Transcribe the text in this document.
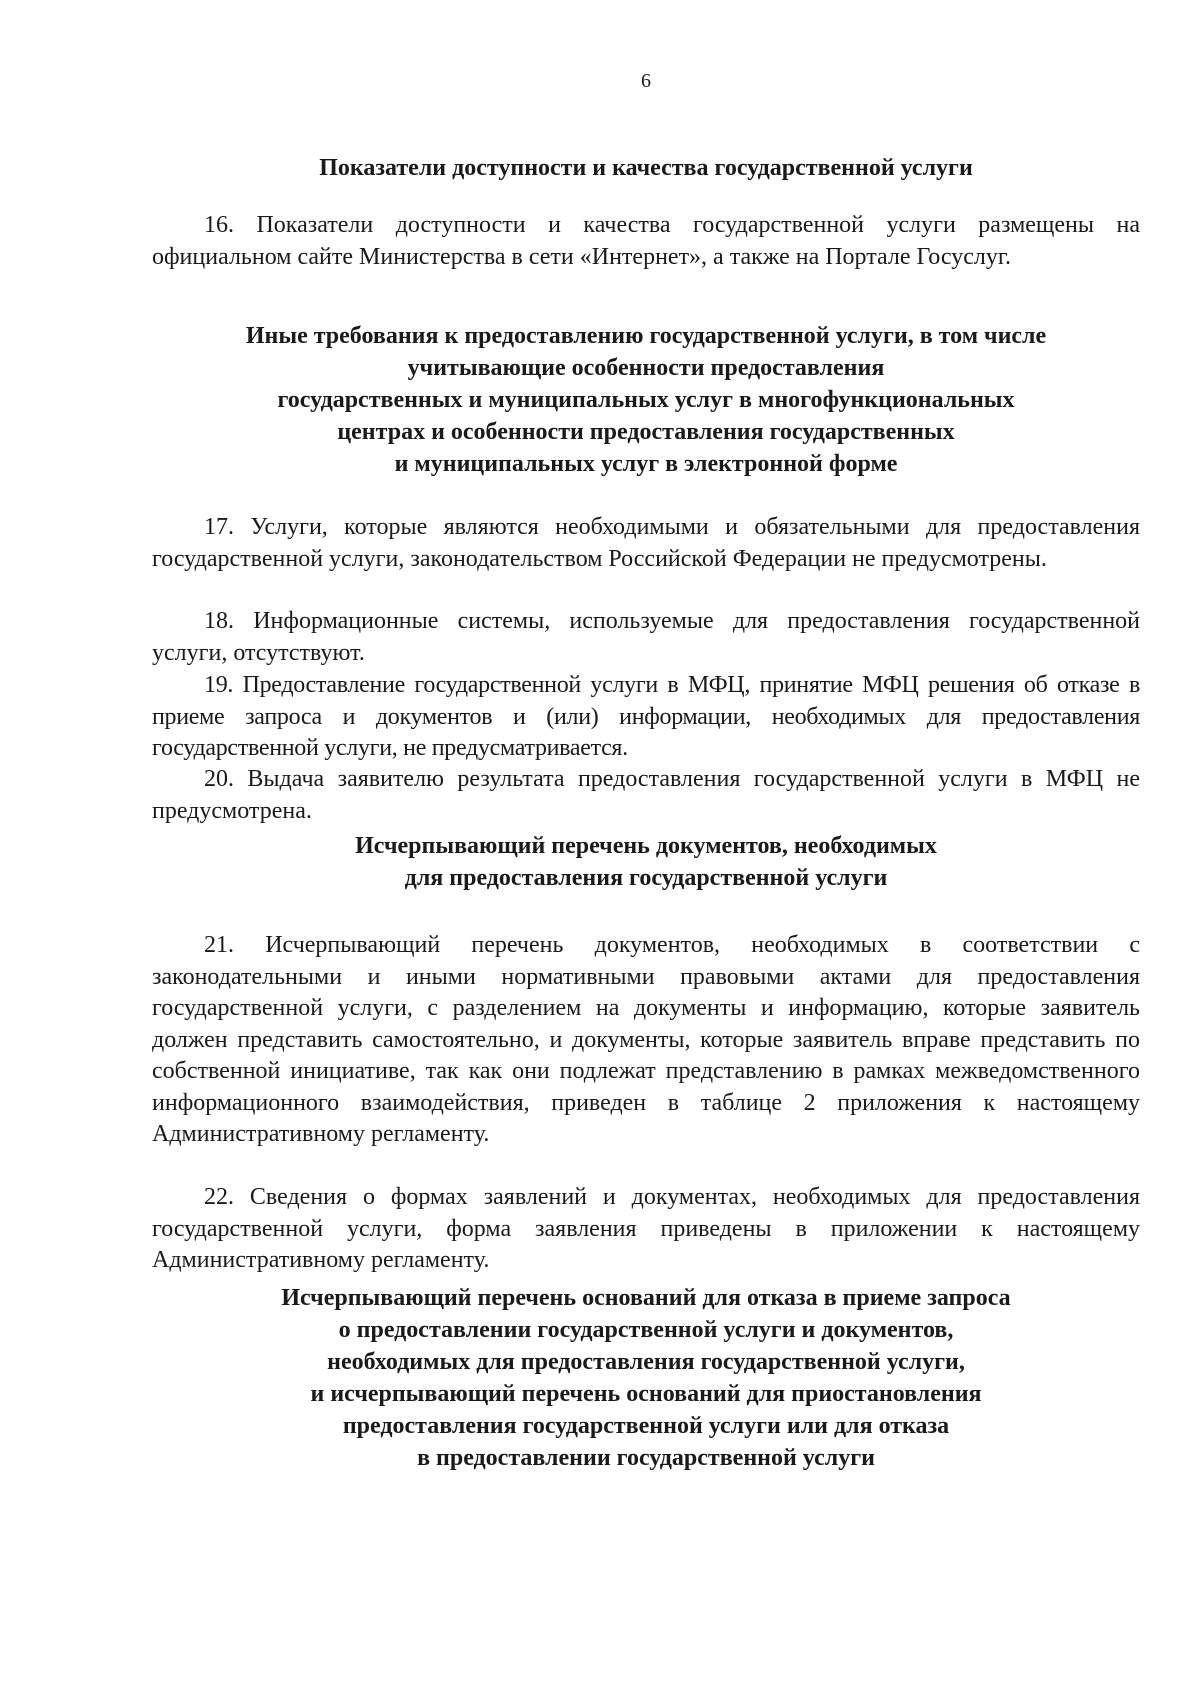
6
Показатели доступности и качества государственной услуги

16. Показатели доступности и качества государственной услуги размещены на официальном сайте Министерства в сети «Интернет», а также на Портале Госуслуг.

Иные требования к предоставлению государственной услуги, в том числе
учитывающие особенности предоставления
государственных и муниципальных услуг в многофункциональных
центрах и особенности предоставления государственных
и муниципальных услуг в электронной форме

17. Услуги, которые являются необходимыми и обязательными для предоставления государственной услуги, законодательством Российской Федерации не предусмотрены.

18. Информационные системы, используемые для предоставления государственной услуги, отсутствуют.

19. Предоставление государственной услуги в МФЦ, принятие МФЦ решения об отказе в приеме запроса и документов и (или) информации, необходимых для предоставления государственной услуги, не предусматривается.

20. Выдача заявителю результата предоставления государственной услуги в МФЦ не предусмотрена.

Исчерпывающий перечень документов, необходимых
для предоставления государственной услуги

21. Исчерпывающий перечень документов, необходимых в соответствии с законодательными и иными нормативными правовыми актами для предоставления государственной услуги, с разделением на документы и информацию, которые заявитель должен представить самостоятельно, и документы, которые заявитель вправе представить по собственной инициативе, так как они подлежат представлению в рамках межведомственного информационного взаимодействия, приведен в таблице 2 приложения к настоящему Административному регламенту.

22. Сведения о формах заявлений и документах, необходимых для предоставления государственной услуги, форма заявления приведены в приложении к настоящему Административному регламенту.

Исчерпывающий перечень оснований для отказа в приеме запроса
о предоставлении государственной услуги и документов,
необходимых для предоставления государственной услуги,
и исчерпывающий перечень оснований для приостановления
предоставления государственной услуги или для отказа
в предоставлении государственной услуги
